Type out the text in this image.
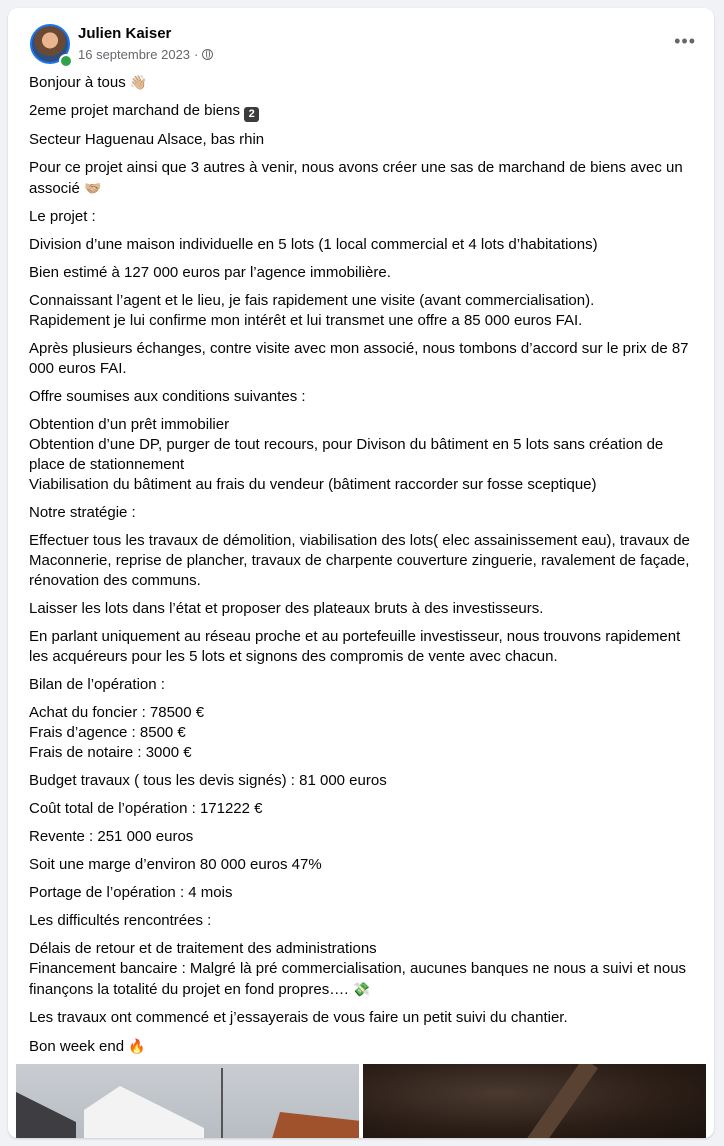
Julien Kaiser
16 septembre 2023 ·
•••

Bonjour à tous 👋🏼

2eme projet marchand de biens 2

Secteur Haguenau Alsace, bas rhin

Pour ce projet ainsi que 3 autres à venir, nous avons créer une sas de marchand de biens avec un associé 🤝🏼

Le projet :

Division d’une maison individuelle en 5 lots (1 local commercial et 4 lots d’habitations)

Bien estimé à 127 000 euros par l’agence immobilière.

Connaissant l’agent et le lieu, je fais rapidement une visite (avant commercialisation).

Rapidement je lui confirme mon intérêt et lui transmet une offre a 85 000 euros FAI.

Après plusieurs échanges, contre visite avec mon associé, nous tombons d’accord sur le prix de 87 000 euros FAI.

Offre soumises aux conditions suivantes :

Obtention d’un prêt immobilier

Obtention d’une DP, purger de tout recours, pour Divison du bâtiment en 5 lots sans création de place de stationnement

Viabilisation du bâtiment au frais du vendeur (bâtiment raccorder sur fosse sceptique)

Notre stratégie :

Effectuer tous les travaux de démolition, viabilisation des lots( elec assainissement eau), travaux de Maconnerie, reprise de plancher, travaux de charpente couverture zinguerie, ravalement de façade, rénovation des communs.

Laisser les lots dans l’état et proposer des plateaux bruts à des investisseurs.

En parlant uniquement au réseau proche et au portefeuille investisseur, nous trouvons rapidement les acquéreurs pour les 5 lots et signons des compromis de vente avec chacun.

Bilan de l’opération :

Achat du foncier : 78500 €

Frais d’agence : 8500 €

Frais de notaire : 3000 €

Budget travaux ( tous les devis signés) : 81 000 euros

Coût total de l’opération : 171222 €

Revente : 251 000 euros

Soit une marge d’environ 80 000 euros 47%

Portage de l’opération : 4 mois

Les difficultés rencontrées :

Délais de retour et de traitement des administrations

Financement bancaire : Malgré là pré commercialisation, aucunes banques ne nous a suivi et nous finançons la totalité du projet en fond propres…. 💸

Les travaux ont commencé et j’essayerais de vous faire un petit suivi du chantier.

Bon week end 🔥
